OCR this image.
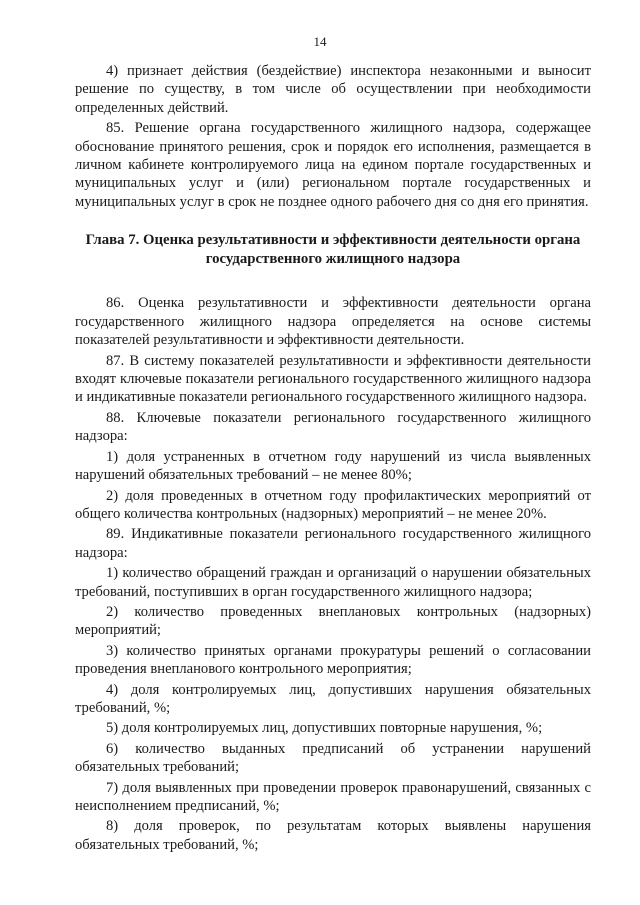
14

4) признает действия (бездействие) инспектора незаконными и выносит решение по существу, в том числе об осуществлении при необходимости определенных действий.

85. Решение органа государственного жилищного надзора, содержащее обоснование принятого решения, срок и порядок его исполнения, размещается в личном кабинете контролируемого лица на едином портале государственных и муниципальных услуг и (или) региональном портале государственных и муниципальных услуг в срок не позднее одного рабочего дня со дня его принятия.

Глава 7. Оценка результативности и эффективности деятельности органа государственного жилищного надзора

86. Оценка результативности и эффективности деятельности органа государственного жилищного надзора определяется на основе системы показателей результативности и эффективности деятельности.

87. В систему показателей результативности и эффективности деятельности входят ключевые показатели регионального государственного жилищного надзора и индикативные показатели регионального государственного жилищного надзора.

88. Ключевые показатели регионального государственного жилищного надзора:

1) доля устраненных в отчетном году нарушений из числа выявленных нарушений обязательных требований – не менее 80%;

2) доля проведенных в отчетном году профилактических мероприятий от общего количества контрольных (надзорных) мероприятий – не менее 20%.

89. Индикативные показатели регионального государственного жилищного надзора:

1) количество обращений граждан и организаций о нарушении обязательных требований, поступивших в орган государственного жилищного надзора;

2) количество проведенных внеплановых контрольных (надзорных) мероприятий;

3) количество принятых органами прокуратуры решений о согласовании проведения внепланового контрольного мероприятия;

4) доля контролируемых лиц, допустивших нарушения обязательных требований, %;

5) доля контролируемых лиц, допустивших повторные нарушения, %;

6) количество выданных предписаний об устранении нарушений обязательных требований;

7) доля выявленных при проведении проверок правонарушений, связанных с неисполнением предписаний, %;

8) доля проверок, по результатам которых выявлены нарушения обязательных требований, %;
